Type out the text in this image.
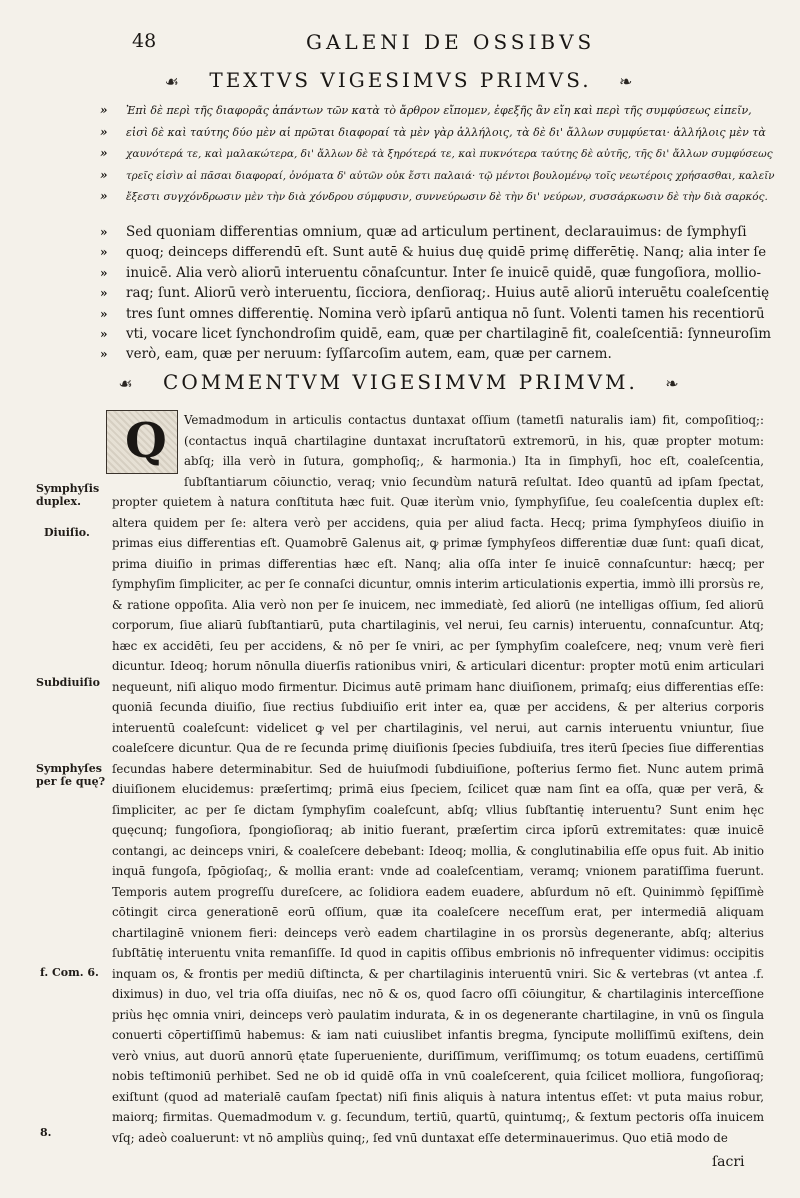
48	GALENI DE OSSIBVS
☙ TEXTVS VIGESIMVS PRIMVS. ❧
» Ἐπὶ δὲ περὶ τῆς διαφορᾶς ἁπάντων τῶν κατὰ τὸ ἄρθρον εἴπομεν, ἐφεξῆς ἂν εἴη καὶ περὶ τῆς συμφύσεως εἰπεῖν,
» εἰσὶ δὲ καὶ ταύτης δύο μὲν αἱ πρῶται διαφοραί τὰ μὲν γὰρ ἀλλήλοις, τὰ δὲ δι' ἄλλων συμφύεται· ἀλλήλοις μὲν τὰ
» χαυνότερά τε, καὶ μαλακώτερα, δι' ἄλλων δὲ τὰ ξηρότερά τε, καὶ πυκνότερα ταύτης δὲ αὐτῆς, τῆς δι' ἄλλων συμφύσεως
» τρεῖς εἰσὶν αἱ πᾶσαι διαφοραί, ὀνόματα δ' αὐτῶν οὐκ ἔστι παλαιά· τῷ μέντοι βουλομένῳ τοῖς νεωτέροις χρήσασθαι, καλεῖν
» ἔξεστι συγχόνδρωσιν μὲν τὴν διὰ χόνδρου σύμφυσιν, συννεύρωσιν δὲ τὴν δι' νεύρων, συσσάρκωσιν δὲ τὴν διὰ σαρκός.
» Sed quoniam differentias omnium, quæ ad articulum pertinent, declarauimus: de ſymphyſi
» quoq; deinceps differendū eſt. Sunt autē & huius duę quidē primę differētię. Nanq; alia inter ſe
» inuicē. Alia verò aliorū interuentu cōnaſcuntur. Inter ſe inuicē quidē, quæ fungoſiora, mollio-
» raq; ſunt. Aliorū verò interuentu, ſicciora, denſioraq;. Huius autē aliorū interuētu coaleſcentię
» tres ſunt omnes differentię. Nomina verò ipſarū antiqua nō ſunt. Volenti tamen his recentiorū
» vti, vocare licet ſynchondroſim quidē, eam, quæ per chartilaginē fit, coaleſcentiā: ſynneuroſim
» verò, eam, quæ per neruum: ſyſſarcoſim autem, eam, quæ per carnem.
☙ COMMENTVM VIGESIMVM PRIMVM. ❧
Q	Vemadmodum in articulis contactus duntaxat oſſium (tametſi naturalis iam) fit, compoſitioq;: (contactus inquā chartilagine duntaxat incruſtatorū extremorū, in his, quæ propter motum: abſq; illa verò in ſutura, gomphoſiq;, & harmonia.) Ita in ſimphyſi, hoc eſt, coaleſcentia, ſubſtantiarum cōiunctio, veraq; vnio ſecundùm naturā reſultat. Ideo quantū ad ipſam ſpectat, propter quietem à natura conſtituta hæc fuit. Quæ iterùm vnio, ſymphyſiſue, ſeu coaleſcentia duplex eſt: altera quidem per ſe: altera verò per accidens, quia per aliud facta. Hecq; prima ſymphyſeos diuiſio in primas eius differentias eſt. Quamobrē Galenus ait, ꝙ primæ ſymphyſeos differentiæ duæ ſunt: quaſi dicat, prima diuiſio in primas differentias hæc eſt. Nanq; alia oſſa inter ſe inuicē connaſcuntur: hæcq; per ſymphyſim ſimpliciter, ac per ſe connaſci dicuntur, omnis interim articulationis expertia, immò illi prorsùs re, & ratione oppoſita. Alia verò non per ſe inuicem, nec immediatè, ſed aliorū (ne intelligas oſſium, ſed aliorū corporum, ſiue aliarū ſubſtantiarū, puta chartilaginis, vel nerui, ſeu carnis) interuentu, connaſcuntur. Atq; hæc ex accidēti, ſeu per accidens, & nō per ſe vniri, ac per ſymphyſim coaleſcere, neq; vnum verè fieri dicuntur. Ideoq; horum nōnulla diuerſis rationibus vniri, & articulari dicentur: propter motū enim articulari nequeunt, niſi aliquo modo firmentur. Dicimus autē primam hanc diuiſionem, primaſq; eius differentias eſſe: quoniā ſecunda diuiſio, ſiue rectius ſubdiuiſio erit inter ea, quæ per accidens, & per alterius corporis interuentū coaleſcunt: videlicet ꝙ vel per chartilaginis, vel nerui, aut carnis interuentu vniuntur, ſiue coaleſcere dicuntur. Qua de re ſecunda primę diuiſionis ſpecies ſubdiuiſa, tres iterū ſpecies ſiue differentias ſecundas habere determinabitur. Sed de huiuſmodi ſubdiuiſione, poſterius ſermo fiet. Nunc autem primā diuiſionem elucidemus: præſertimq; primā eius ſpeciem, ſcilicet quæ nam ſint ea oſſa, quæ per verā, & ſimpliciter, ac per ſe dictam ſymphyſim coaleſcunt, abſq; vllius ſubſtantię interuentu? Sunt enim hęc quęcunq; fungoſiora, ſpongioſioraq; ab initio fuerant, præſertim circa ipſorū extremitates: quæ inuicē contangi, ac deinceps vniri, & coaleſcere debebant: Ideoq; mollia, & conglutinabilia eſſe opus fuit. Ab initio inquā fungoſa, ſpōgioſaq;, & mollia erant: vnde ad coaleſcentiam, veramq; vnionem paratiſſima fuerunt. Temporis autem progreſſu dureſcere, ac ſolidiora eadem euadere, abſurdum nō eſt. Quinimmò ſępiſſimè cōtingit circa generationē eorū oſſium, quæ ita coaleſcere neceſſum erat, per intermediā aliquam chartilaginē vnionem fieri: deinceps verò eadem chartilagine in os prorsùs degenerante, abſq; alterius ſubſtātię interuentu vnita remanſiſſe. Id quod in capitis oſſibus embrionis nō infrequenter vidimus: occipitis inquam os, & frontis per mediū diſtincta, & per chartilaginis interuentū vniri. Sic & vertebras (vt antea .f. diximus) in duo, vel tria oſſa diuiſas, nec nō & os, quod ſacro oſſi cōiungitur, & chartilaginis interceſſione priùs hęc omnia vniri, deinceps verò paulatim indurata, & in os degenerante chartilagine, in vnū os ſingula conuerti cōpertiſſimū habemus: & iam nati cuiuslibet infantis bregma, ſyncipute molliſſimū exiſtens, dein verò vnius, aut duorū annorū ętate ſuperueniente, duriſſimum, veriſſimumq; os totum euadens, certiſſimū nobis teſtimoniū perhibet. Sed ne ob id quidē oſſa in vnū coaleſcerent, quia ſcilicet molliora, fungoſioraq; exiſtunt (quod ad materialē cauſam ſpectat) niſi finis aliquis à natura intentus eſſet: vt puta maius robur, maiorq; firmitas. Quemadmodum v. g. ſecundum, tertiū, quartū, quintumq;, & ſextum pectoris oſſa inuicem vſq; adeò coaluerunt: vt nō ampliùs quinq;, ſed vnū duntaxat eſſe determinauerimus. Quo etiā modo de

Symphyſis duplex.
Diuiſio.
Subdiuiſio
Symphyſes per ſe quę?
f. Com. 6.
8.
ſacri
